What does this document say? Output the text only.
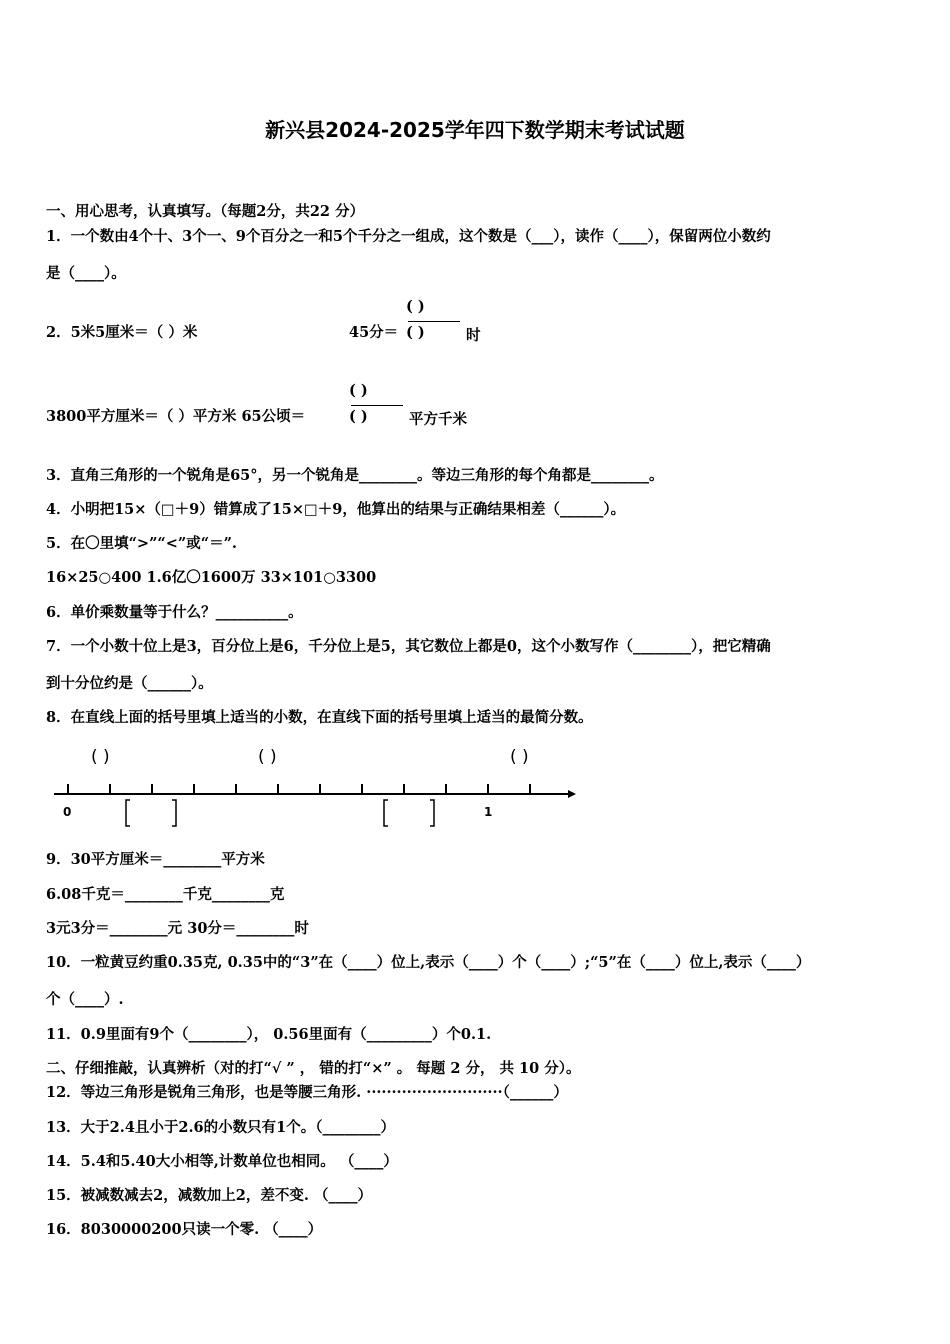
新兴县2024-2025学年四下数学期末考试试题
一、用心思考，认真填写。（每题2分，共22 分）
1．一个数由4个十、3个一、9个百分之一和5个千分之一组成，这个数是（___），读作（____），保留两位小数约
是（____）。
2．5米5厘米＝（ ）米	45分＝
( )
( )	时
3800平方厘米＝（ ）平方米 65公顷＝
( )
( )	平方千米
3．直角三角形的一个锐角是65°，另一个锐角是________。等边三角形的每个角都是________。
4．小明把15×（□＋9）错算成了15×□＋9，他算出的结果与正确结果相差（______）。
5．在〇里填“>”“<”或“＝”.
16×25○400 1.6亿〇1600万 33×101○3300
6．单价乘数量等于什么？__________。
7．一个小数十位上是3，百分位上是6，千分位上是5，其它数位上都是0，这个小数写作（________），把它精确
到十分位约是（______）。
8．在直线上面的括号里填上适当的小数，在直线下面的括号里填上适当的最简分数。
( )	( )	( )
0	1
9．30平方厘米＝________平方米
6.08千克＝________千克________克
3元3分＝________元 30分＝________时
10．一粒黄豆约重0.35克, 0.35中的“3”在（____）位上,表示（____）个（____）;“5”在（____）位上,表示（____）
个（____）.
11．0.9里面有9个（________）， 0.56里面有（_________）个0.1.
二、仔细推敲，认真辨析（对的打“√ ” ， 错的打“×” 。 每题 2 分， 共 10 分）。
12．等边三角形是锐角三角形，也是等腰三角形. ···························（______）
13．大于2.4且小于2.6的小数只有1个。（________）
14．5.4和5.40大小相等,计数单位也相同。 （____）
15．被减数减去2，减数加上2，差不变. （____）
16．8030000200只读一个零. （____）
